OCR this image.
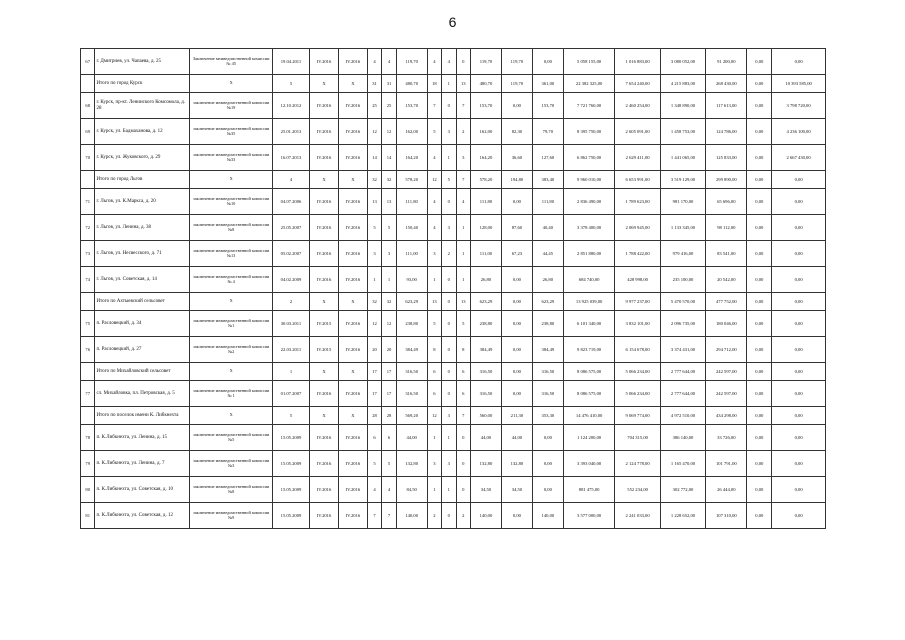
6
67	г. Дмитриев, ул. Чапаева, д. 25	Заключение межведомственной комиссии № 45	19.04.2011	IV.2016	IV.2016	4	4	119,70	4	4	0	119,70	119,70	0,00	5 058 155,00	1 016 883,00	3 080 052,00	91 200,00	0,00	0,00
	Итого по город Курск	X	5	X	X	31	31	480,70	18	1	13	480,70	119,70	361,00	22 382 325,00	7 654 240,00	4 215 883,00	268 430,00	0,00	10 393 585,00
68	г. Курск, пр-кт. Ленинского Комсомола, д. 28	заключение межведомственной комиссии №19	12.10.2012	IV.2016	IV.2016	25	25	153,70	7	0	7	153,70	0,00	153,70	7 721 760,00	2 460 254,00	1 348 890,00	117 613,00	0,00	3 798 720,00
69	г. Курск, ул. Бадмаханова, д. 12	заключение межведомственной комиссии №35	25.01.2013	IV.2016	IV.2016	12	12	162,00	5	3	2	162,00	82,30	79,70	8 395 750,00	2 605 091,00	1 458 753,00	124 786,00	0,00	4 236 100,00
70	г. Курск, ул. Жуковского, д. 29	заключение межведомственной комиссии №33	16.07.2013	IV.2016	IV.2016	14	14	164,20	4	1	3	164,20	36,60	127,60	6 862 750,00	2 629 411,00	1 441 065,00	125 833,00	0,00	2 667 430,00
	Итого по город Льгов	X	4	X	X	32	32	578,20	12	5	7	578,20	194,80	383,40	9 960 010,00	6 653 991,00	3 519 129,00	299 890,00	0,00	0,00
71	г. Льгов, ул. К.Маркса, д. 20	заключение межведомственной комиссии №10	04.07.2006	IV.2016	IV.2016	13	13	111,80	4	0	4	111,80	0,00	111,80	2 836 490,00	1 789 623,00	981 170,00	65 696,00	0,00	0,00
72	г. Льгов, ул. Ленина, д. 38	заключение межведомственной комиссии №8	25.05.2007	IV.2016	IV.2016	5	5	150,40	4	3	1	128,00	87,60	40,40	3 378 400,00	2 069 945,00	1 133 345,00	98 112,00	0,00	0,00
73	г. Льгов, ул. Несвесского, д. 71	заключение межведомственной комиссии №13	05.02.2007	IV.2016	IV.2016	3	3	111,00	3	2	1	111,00	67,23	44,45	2 851 880,00	1 788 422,00	979 416,00	83 541,00	0,00	0,00
74	г. Льгов, ул. Советская, д. 14	заключение межведомственной комиссии № 4	04.02.2009	IV.2016	IV.2016	1	1	93,00	1	0	1	26,80	0,00	26,80	684 740,00	428 998,00	235 100,00	20 542,00	0,00	0,00
	Итого по Ахтыевский сельсовет	X	2	X	X	32	32	623,29	13	0	13	623,29	0,00	623,29	13 925 039,00	9 977 237,00	5 470 570,00	477 752,00	0,00	0,00
75	п. Расловецкий, д. 34	заключение межведомственной комиссии №1	30.03.2011	IV.2015	IV.2016	12	12	238,80	5	0	5	238,80	0,00	238,80	6 101 340,00	3 832 101,00	2 096 735,00	180 046,00	0,00	0,00
76	п. Расловецкий, д. 27	заключение межведомственной комиссии №2	22.03.2011	IV.2015	IV.2016	20	20	384,49	8	0	8	384,49	0,00	384,49	9 823 719,00	6 154 678,00	3 374 431,00	294 712,00	0,00	0,00
	Итого по Михайловский сельсовет	X	1	X	X	17	17	316,50	6	0	6	316,50	0,00	316,50	8 086 575,00	5 066 234,00	2 777 644,00	242 597,00	0,00	0,00
77	сл. Михайловка, пл. Петровская, д. 5	заключение межведомственной комиссии № 1	01.07.2007	IV.2016	IV.2016	17	17	316,50	6	0	6	316,50	0,00	316,50	8 086 575,00	5 066 234,00	2 777 644,00	242 597,00	0,00	0,00
	Итого по поселок имени К. Либкнехта	X	5	X	X	28	28	569,20	12	3	7	560,00	211,30	353,30	14 476 410,00	9 069 774,00	4 972 510,00	434 298,00	0,00	0,00
78	п. К.Либкнехта, ул. Ленина, д. 15	заключение межведомственной комиссии №5	15.05.2009	IV.2016	IV.2016	6	6	44,00	1	1	0	44,00	44,00	0,00	1 124 200,00	704 315,00	386 140,00	33 726,00	0,00	0,00
79	п. К.Либкнехта, ул. Ленина, д. 7	заключение межведомственной комиссии №3	15.05.2009	IV.2016	IV.2016	5	5	132,80	3	3	0	132,80	132,80	0,00	3 393 040,00	2 124 778,00	1 165 470,00	101 791,00	0,00	0,00
80	п. К.Либкнехта, ул. Советская, д. 10	заключение межведомственной комиссии №8	15.05.2009	IV.2016	IV.2016	4	4	84,50	1	1	0	34,50	34,50	0,00	881 475,00	552 234,00	302 772,00	26 444,00	0,00	0,00
81	п. К.Либкнехта, ул. Советская, д. 12	заключение межведомственной комиссии №9	15.05.2009	IV.2016	IV.2016	7	7	140,00	2	0	2	140,00	0,00	140,00	3 577 000,00	2 241 033,00	1 228 652,00	107 310,00	0,00	0,00
